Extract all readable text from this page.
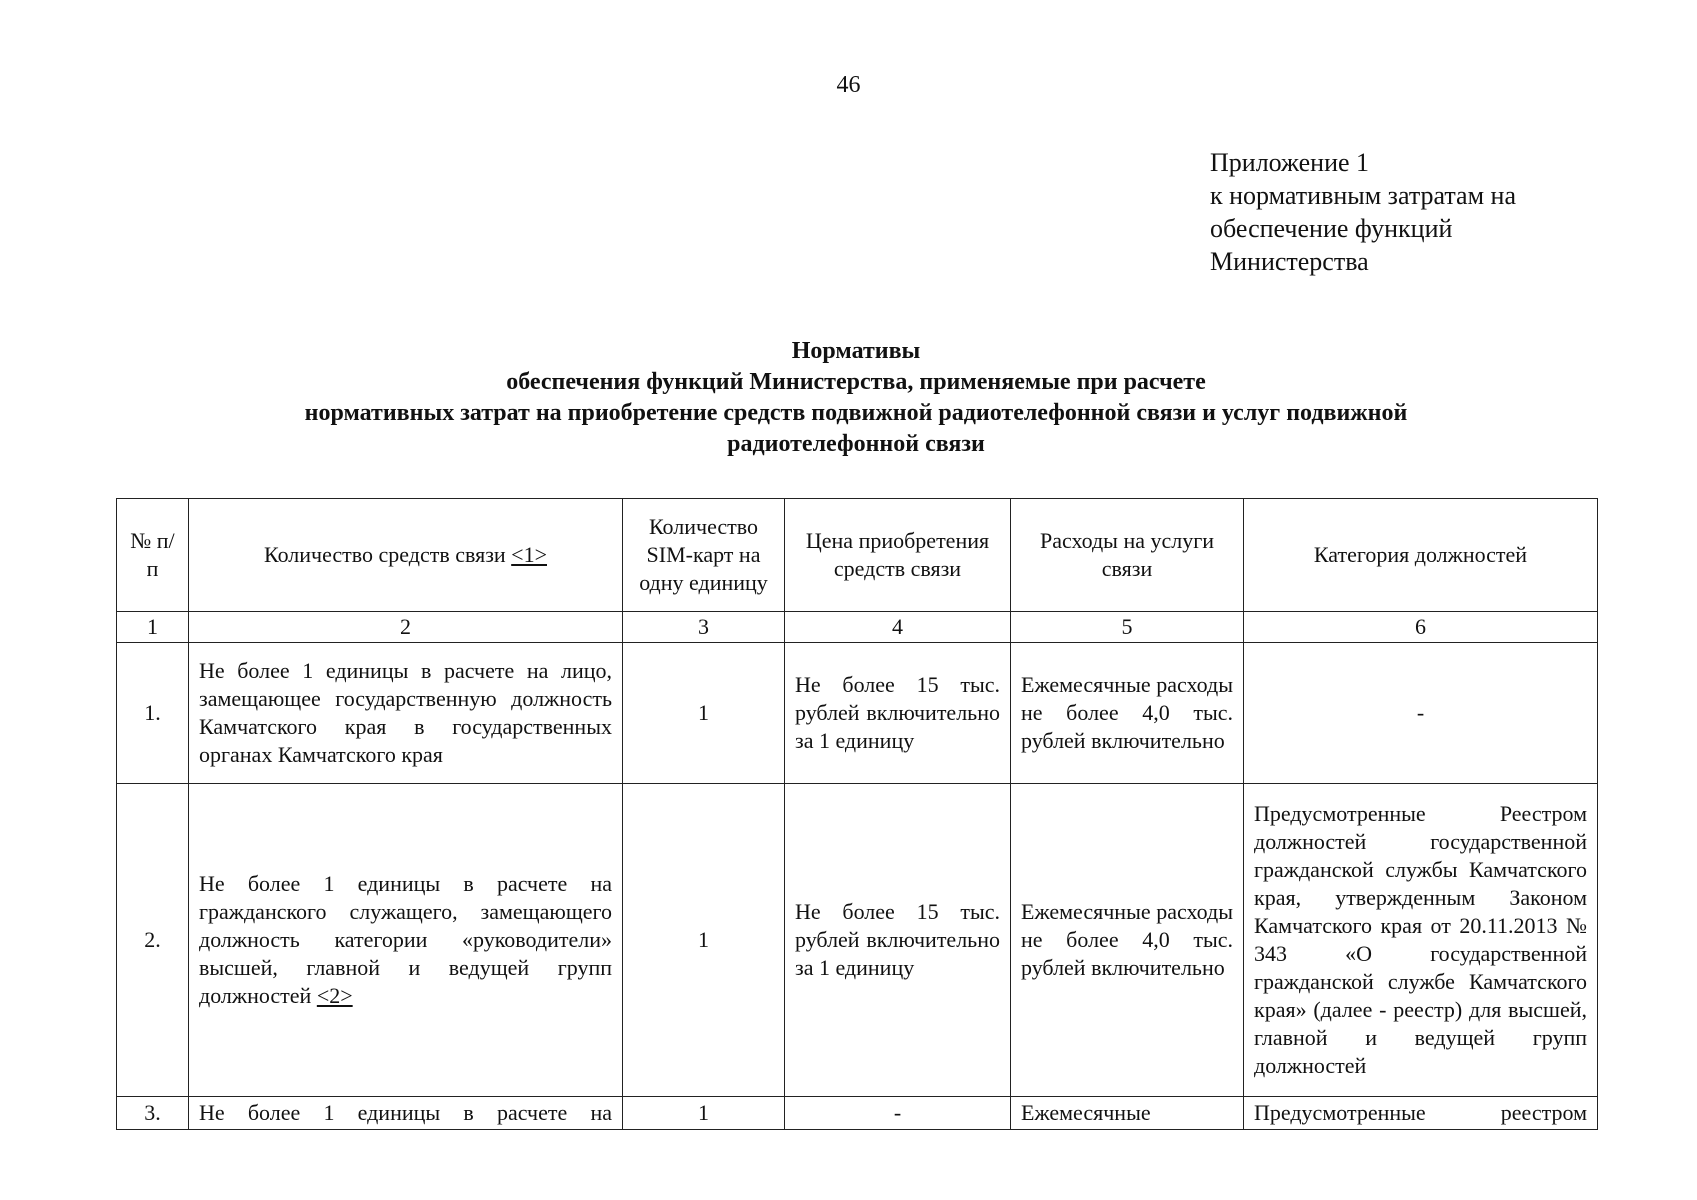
46
Приложение 1
к нормативным затратам на
обеспечение функций
Министерства
Нормативы
обеспечения функций Министерства, применяемые при расчете
нормативных затрат на приобретение средств подвижной радиотелефонной связи и услуг подвижной
радиотелефонной связи
№ п/п	Количество средств связи <1>	Количество SIM-карт на одну единицу	Цена приобретения средств связи	Расходы на услуги связи	Категория должностей
1	2	3	4	5	6
1.	Не более 1 единицы в расчете на лицо, замещающее государственную должность Камчатского края в государственных органах Камчатского края	1	Не более 15 тыс. рублей включительно за 1 единицу	Ежемесячные расходы не более 4,0 тыс. рублей включительно	-
2.	Не более 1 единицы в расчете на гражданского служащего, замещающего должность категории «руководители» высшей, главной и ведущей групп должностей <2>	1	Не более 15 тыс. рублей включительно за 1 единицу	Ежемесячные расходы не более 4,0 тыс. рублей включительно	Предусмотренные Реестром должностей государственной гражданской службы Камчатского края, утвержденным Законом Камчатского края от 20.11.2013 № 343 «О государственной гражданской службе Камчатского края» (далее - реестр) для высшей, главной и ведущей групп должностей
3.	Не более 1 единицы в расчете на	1	-	Ежемесячные	Предусмотренные реестром
